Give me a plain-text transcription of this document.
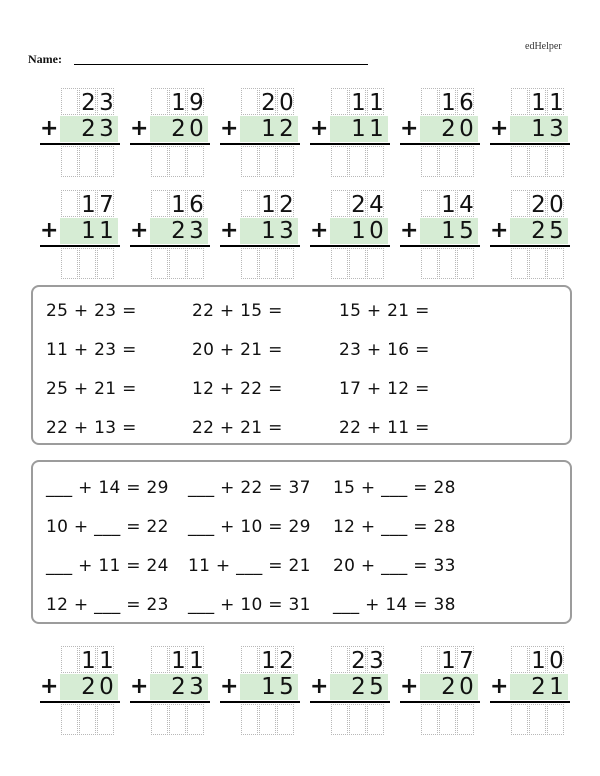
edHelper
Name:
2 3
+ 2 3
1 9
+ 2 0
2 0
+ 1 2
1 1
+ 1 1
1 6
+ 2 0
1 1
+ 1 3
1 7
+ 1 1
1 6
+ 2 3
1 2
+ 1 3
2 4
+ 1 0
1 4
+ 1 5
2 0
+ 2 5
1 1
+ 2 0
1 1
+ 2 3
1 2
+ 1 5
2 3
+ 2 5
1 7
+ 2 0
1 0
+ 2 1
25 + 23 =	22 + 15 =	15 + 21 =
11 + 23 =	20 + 21 =	23 + 16 =
25 + 21 =	12 + 22 =	17 + 12 =
22 + 13 =	22 + 21 =	22 + 11 =
___ + 14 = 29 ___ + 22 = 37 15 + ___ = 28
10 + ___ = 22 ___ + 10 = 29 12 + ___ = 28
___ + 11 = 24 11 + ___ = 21 20 + ___ = 33
12 + ___ = 23 ___ + 10 = 31 ___ + 14 = 38
